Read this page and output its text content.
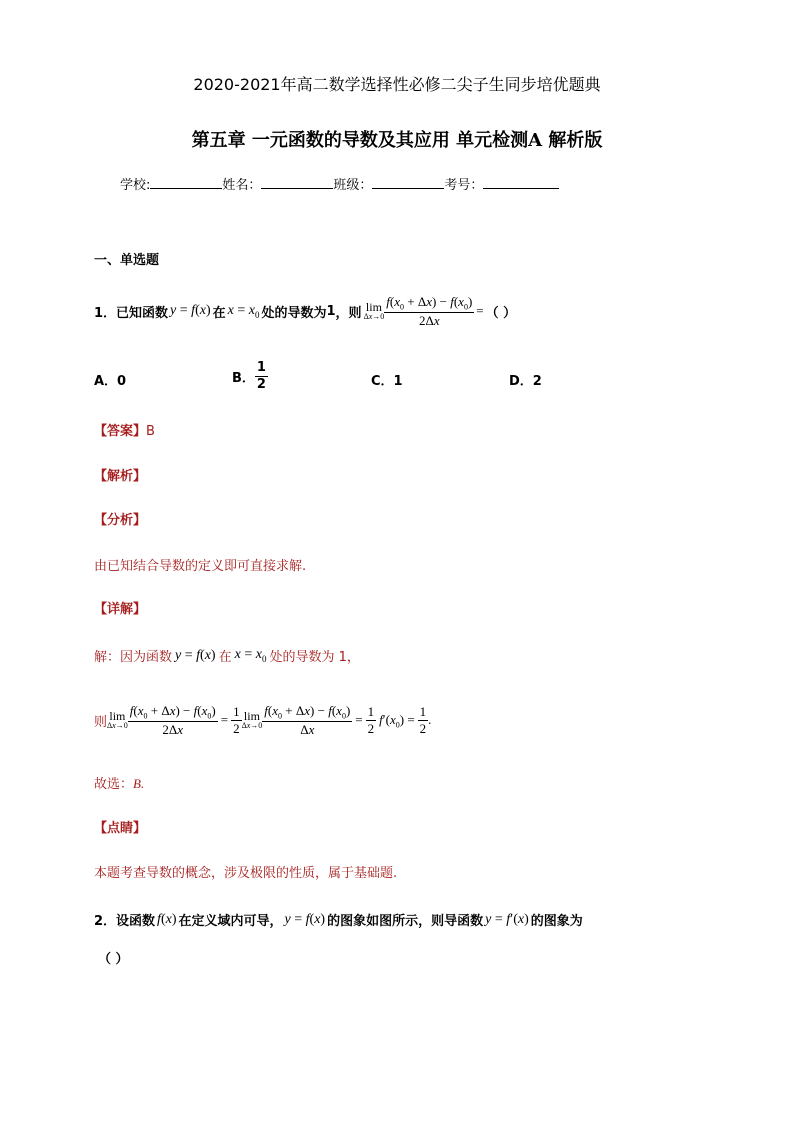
2020-2021年高二数学选择性必修二尖子生同步培优题典
第五章 一元函数的导数及其应用 单元检测A 解析版
学校:	姓名：	班级：	考号：
一、单选题
1．已知函数 y = f(x) 在 $x = x_0$ 处的导数为 1 ，则 lim
$\Delta x\to 0 \frac{f(x_0 + \Delta x) - f(x_0)}{2\Delta x}$ = （ ）
A．0	B． $\frac{1}{2}$	C．1	D．2
【答案】B
【解析】
【分析】
由已知结合导数的定义即可直接求解.
【详解】
解：因为函数 y = f(x) 在 $x = x_0$ 处的导数为 1，
则 lim
$\Delta x\to 0 \frac{f(x_0 + \Delta x) - f(x_0)}{2\Delta x} = \frac{1}{2}$ lim
$\Delta x\to 0 \frac{f(x_0 + \Delta x) - f(x_0)}{\Delta x} = \frac{1}{2} f'(x_0) = \frac{1}{2}$ .
故选：B.
【点睛】
本题考查导数的概念，涉及极限的性质，属于基础题.
2．设函数 f(x) 在定义域内可导， y = f(x) 的图象如图所示，则导函数 y = f′(x) 的图象为
（ ）
